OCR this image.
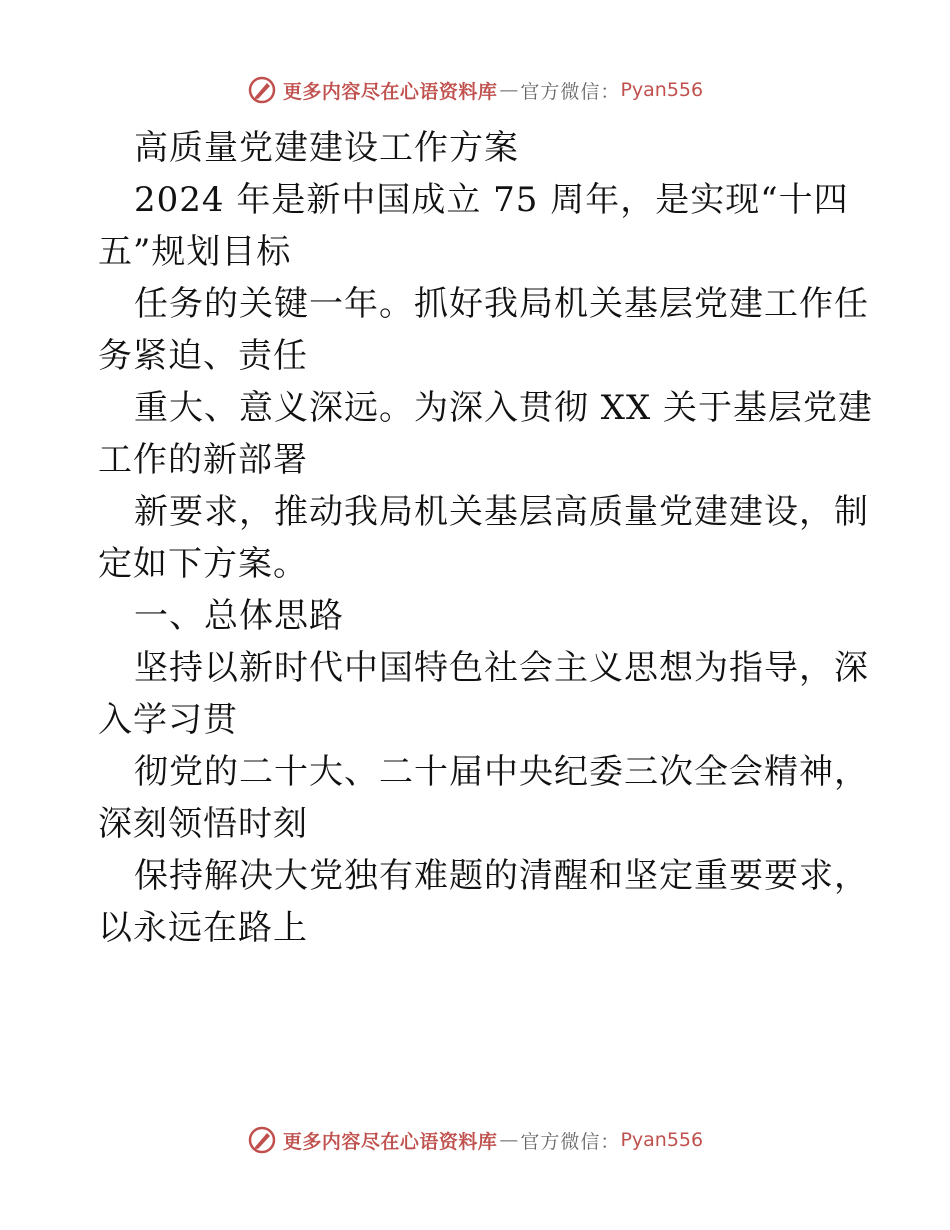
更多内容尽在心语资料库 — 官方微信： Pyan556
高质量党建建设工作方案
2024 年是新中国成立 75 周年，是实现“十四
五”规划目标
任务的关键一年。抓好我局机关基层党建工作任
务紧迫、责任
重大、意义深远。为深入贯彻 XX 关于基层党建
工作的新部署
新要求，推动我局机关基层高质量党建建设，制
定如下方案。
一、总体思路
坚持以新时代中国特色社会主义思想为指导，深
入学习贯
彻党的二十大、二十届中央纪委三次全会精神，
深刻领悟时刻
保持解决大党独有难题的清醒和坚定重要要求，
以永远在路上
更多内容尽在心语资料库 — 官方微信： Pyan556
